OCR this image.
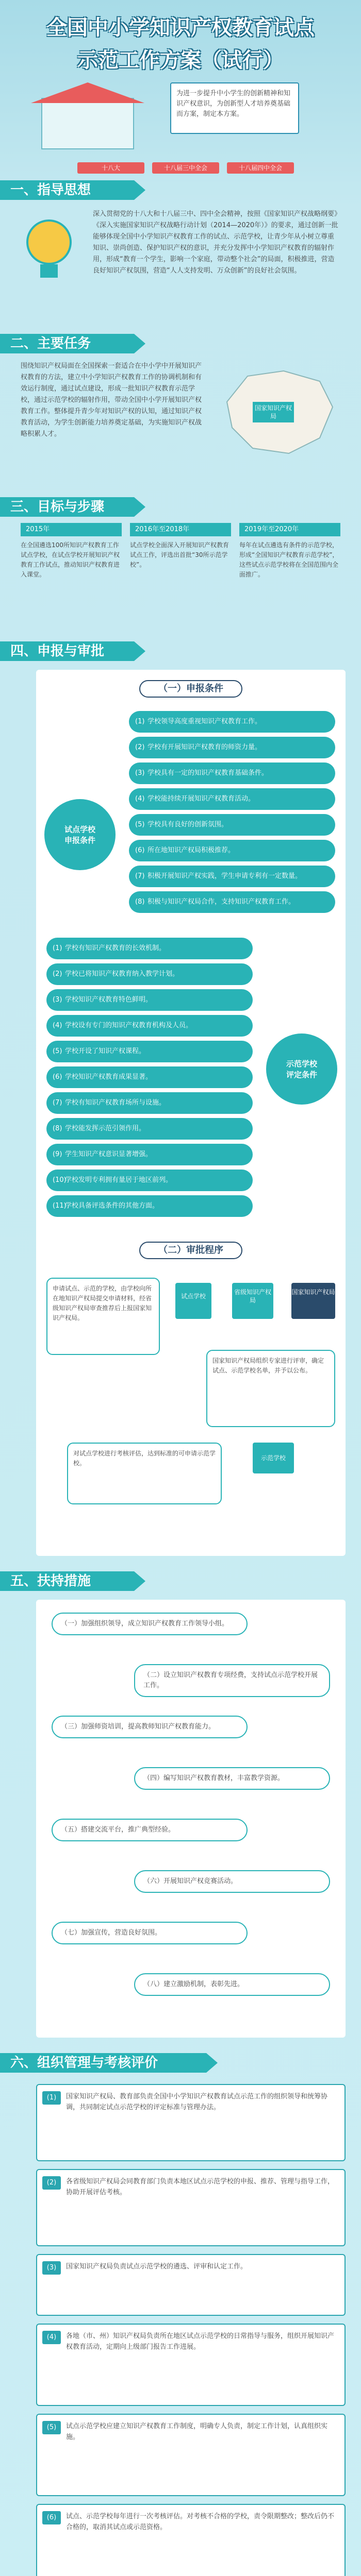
全国中小学知识产权教育试点
示范工作方案（试行）
为进一步提升中小学生的创新精神和知识产权意识，为创新型人才培养奠基础而方案，制定本方案。
十八大	十八届三中全会	十八届四中全会
一、指导思想
深入贯彻党的十八大和十八届三中、四中全会精神，按照《国家知识产权战略纲要》《深入实施国家知识产权战略行动计划（2014—2020年）》的要求，通过创新一批能够体现全国中小学知识产权教育工作的试点、示范学校，让青少年从小树立尊重知识、崇尚创造、保护知识产权的意识，并充分发挥中小学知识产权教育的辐射作用，形成“教育一个学生，影响一个家庭，带动整个社会”的局面，积极推进，营造良好知识产权氛围，营造“人人支持发明、万众创新”的良好社会氛围。
二、主要任务
围绕知识产权局面在全国探索一套适合在中小学中开展知识产权教育的方法，建立中小学知识产权教育工作的协调机制和有效运行制度，通过试点建设，形成一批知识产权教育示范学校，通过示范学校的辐射作用，带动全国中小学开展知识产权教育工作。整体提升青少年对知识产权的认知，通过知识产权教育活动，为学生创新能力培养奠定基础，为实施知识产权战略积累人才。
国家知识产权局
三、目标与步骤
2015年
在全国遴选100所知识产权教育工作试点学校，在试点学校开展知识产权教育工作试点，推动知识产权教育进入课堂。
2016年至2018年
试点学校全面深入开展知识产权教育试点工作，评选出首批“30所示范学校”。
2019年至2020年
每年在试点遴选有条件的示范学校，形成“全国知识产权教育示范学校”，这些试点示范学校将在全国范围内全面推广。
四、申报与审批
（一）申报条件
试点学校
申报条件
(1) 学校领导高度重视知识产权教育工作。
(2) 学校有开展知识产权教育的师资力量。
(3) 学校具有一定的知识产权教育基础条件。
(4) 学校能持续开展知识产权教育活动。
(5) 学校具有良好的创新氛围。
(6) 所在地知识产权局积极推荐。
(7) 积极开展知识产权实践，学生申请专利有一定数量。
(8) 积极与知识产权局合作，支持知识产权教育工作。
示范学校
评定条件
(1) 学校有知识产权教育的长效机制。
(2) 学校已将知识产权教育纳入教学计划。
(3) 学校知识产权教育特色鲜明。
(4) 学校设有专门的知识产权教育机构及人员。
(5) 学校开设了知识产权课程。
(6) 学校知识产权教育成果显著。
(7) 学校有知识产权教育场所与设施。
(8) 学校能发挥示范引领作用。
(9) 学生知识产权意识显著增强。
(10)
学校发明专利拥有量居于地区前列。
(11)
学校具备评选条件的其他方面。
（二）审批程序
申请试点、示范的学校，由学校向所在地知识产权局提交申请材料，经省级知识产权局审查推荐后上报国家知识产权局。
试点学校
省级知识产权局
国家知识产权局
国家知识产权局组织专家进行评审，确定试点、示范学校名单，并予以公布。
示范学校
对试点学校进行考核评估，达到标准的可申请示范学校。
五、扶持措施
（一）加强组织领导，成立知识产权教育工作领导小组。
（二）设立知识产权教育专项经费，支持试点示范学校开展工作。
（三）加强师资培训，提高教师知识产权教育能力。
（四）编写知识产权教育教材，丰富教学资源。
（五）搭建交流平台，推广典型经验。
（六）开展知识产权竞赛活动。
（七）加强宣传，营造良好氛围。
（八）建立激励机制，表彰先进。
六、组织管理与考核评价
(1)	国家知识产权局、教育部负责全国中小学知识产权教育试点示范工作的组织领导和统筹协调，共同制定试点示范学校的评定标准与管理办法。
(2)	各省级知识产权局会同教育部门负责本地区试点示范学校的申报、推荐、管理与指导工作，协助开展评估考核。
(3)	国家知识产权局负责试点示范学校的遴选、评审和认定工作。
(4)	各地（市、州）知识产权局负责所在地区试点示范学校的日常指导与服务，组织开展知识产权教育活动，定期向上级部门报告工作进展。
(5)	试点示范学校应建立知识产权教育工作制度，明确专人负责，制定工作计划，认真组织实施。
(6)	试点、示范学校每年进行一次考核评估。对考核不合格的学校，责令限期整改；整改后仍不合格的，取消其试点或示范资格。
